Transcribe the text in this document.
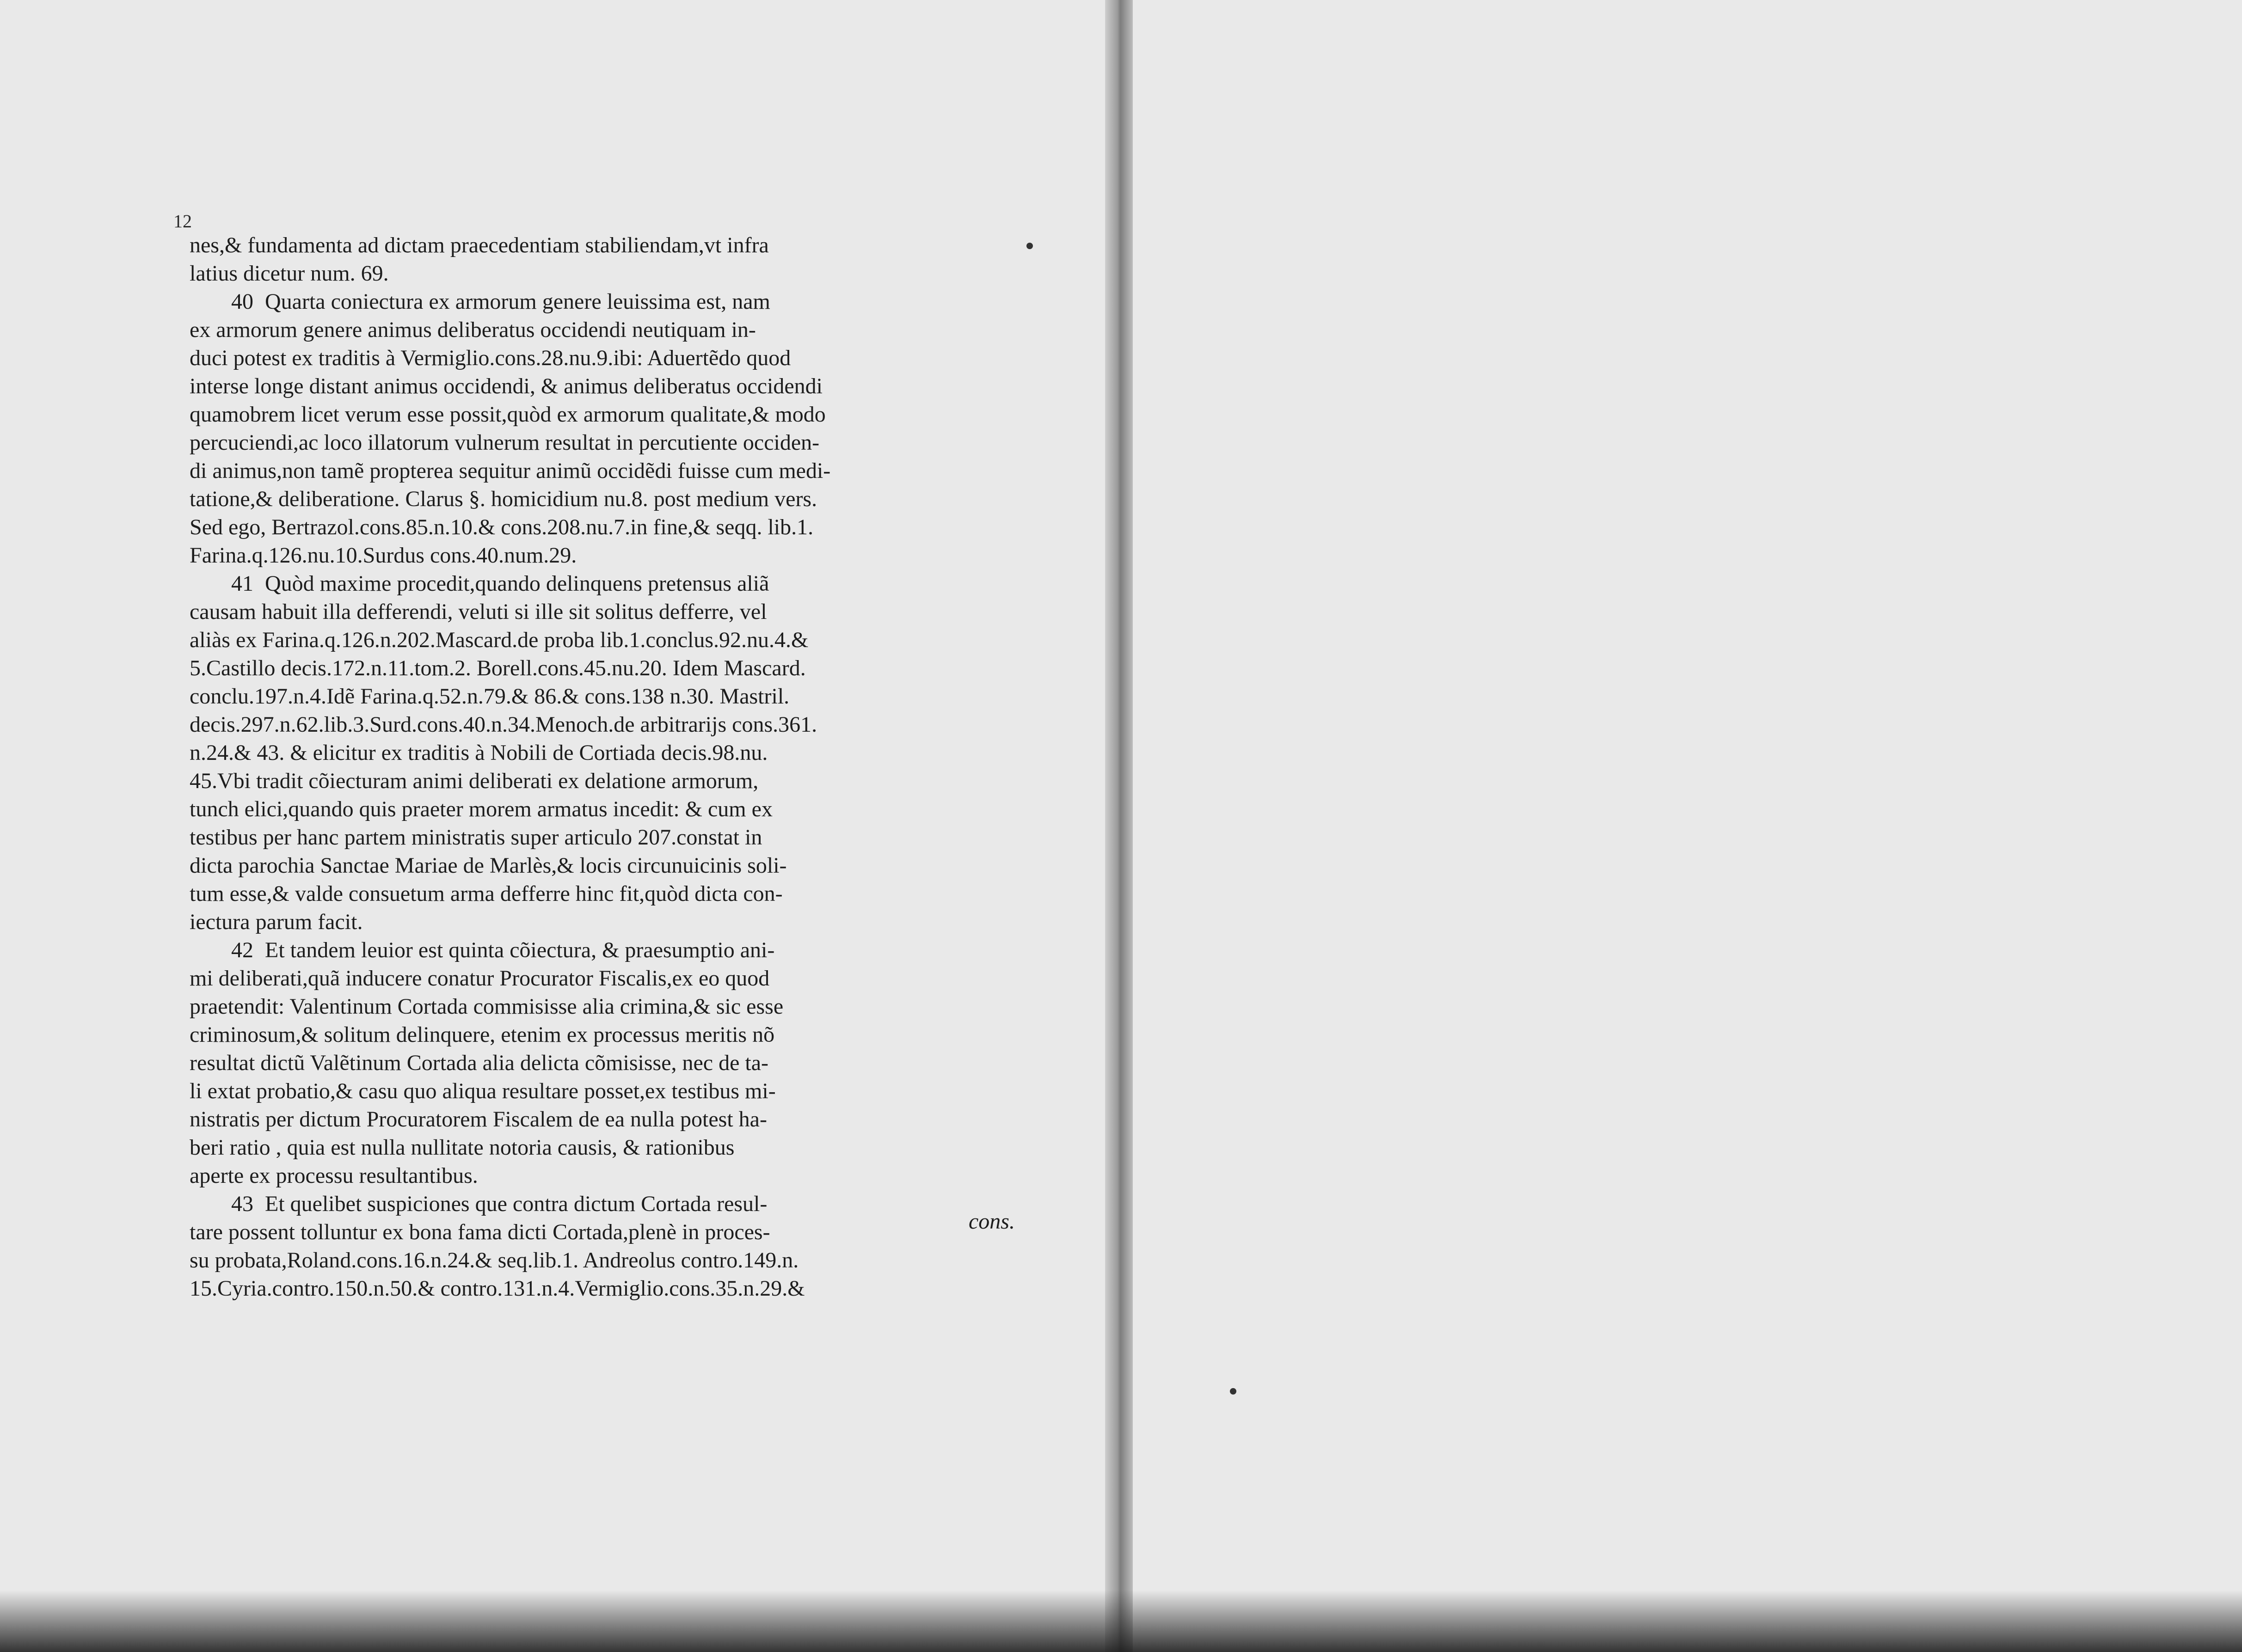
12
nes,& fundamenta ad dictam praecedentiam stabiliendam,vt infra
latius dicetur num. 69.
40 Quarta coniectura ex armorum genere leuissima est, nam
ex armorum genere animus deliberatus occidendi neutiquam in-
duci potest ex traditis à Vermiglio.cons.28.nu.9.ibi: Aduertẽdo quod
interse longe distant animus occidendi, & animus deliberatus occidendi
quamobrem licet verum esse possit,quòd ex armorum qualitate,& modo
percuciendi,ac loco illatorum vulnerum resultat in percutiente occiden-
di animus,non tamẽ propterea sequitur animũ occidẽdi fuisse cum medi-
tatione,& deliberatione. Clarus §. homicidium nu.8. post medium vers.
Sed ego, Bertrazol.cons.85.n.10.& cons.208.nu.7.in fine,& seqq. lib.1.
Farina.q.126.nu.10.Surdus cons.40.num.29.
41 Quòd maxime procedit,quando delinquens pretensus aliã
causam habuit illa defferendi, veluti si ille sit solitus defferre, vel
aliàs ex Farina.q.126.n.202.Mascard.de proba lib.1.conclus.92.nu.4.&
5.Castillo decis.172.n.11.tom.2. Borell.cons.45.nu.20. Idem Mascard.
conclu.197.n.4.Idẽ Farina.q.52.n.79.& 86.& cons.138 n.30. Mastril.
decis.297.n.62.lib.3.Surd.cons.40.n.34.Menoch.de arbitrarijs cons.361.
n.24.& 43. & elicitur ex traditis à Nobili de Cortiada decis.98.nu.
45.Vbi tradit cõiecturam animi deliberati ex delatione armorum,
tunch elici,quando quis praeter morem armatus incedit: & cum ex
testibus per hanc partem ministratis super articulo 207.constat in
dicta parochia Sanctae Mariae de Marlès,& locis circunuicinis soli-
tum esse,& valde consuetum arma defferre hinc fit,quòd dicta con-
iectura parum facit.
42 Et tandem leuior est quinta cõiectura, & praesumptio ani-
mi deliberati,quã inducere conatur Procurator Fiscalis,ex eo quod
praetendit: Valentinum Cortada commisisse alia crimina,& sic esse
criminosum,& solitum delinquere, etenim ex processus meritis nõ
resultat dictũ Valẽtinum Cortada alia delicta cõmisisse, nec de ta-
li extat probatio,& casu quo aliqua resultare posset,ex testibus mi-
nistratis per dictum Procuratorem Fiscalem de ea nulla potest ha-
beri ratio , quia est nulla nullitate notoria causis, & rationibus
aperte ex processu resultantibus.
43 Et quelibet suspiciones que contra dictum Cortada resul-
tare possent tolluntur ex bona fama dicti Cortada,plenè in proces-
su probata,Roland.cons.16.n.24.& seq.lib.1. Andreolus contro.149.n.
15.Cyria.contro.150.n.50.& contro.131.n.4.Vermiglio.cons.35.n.29.&
cons.
